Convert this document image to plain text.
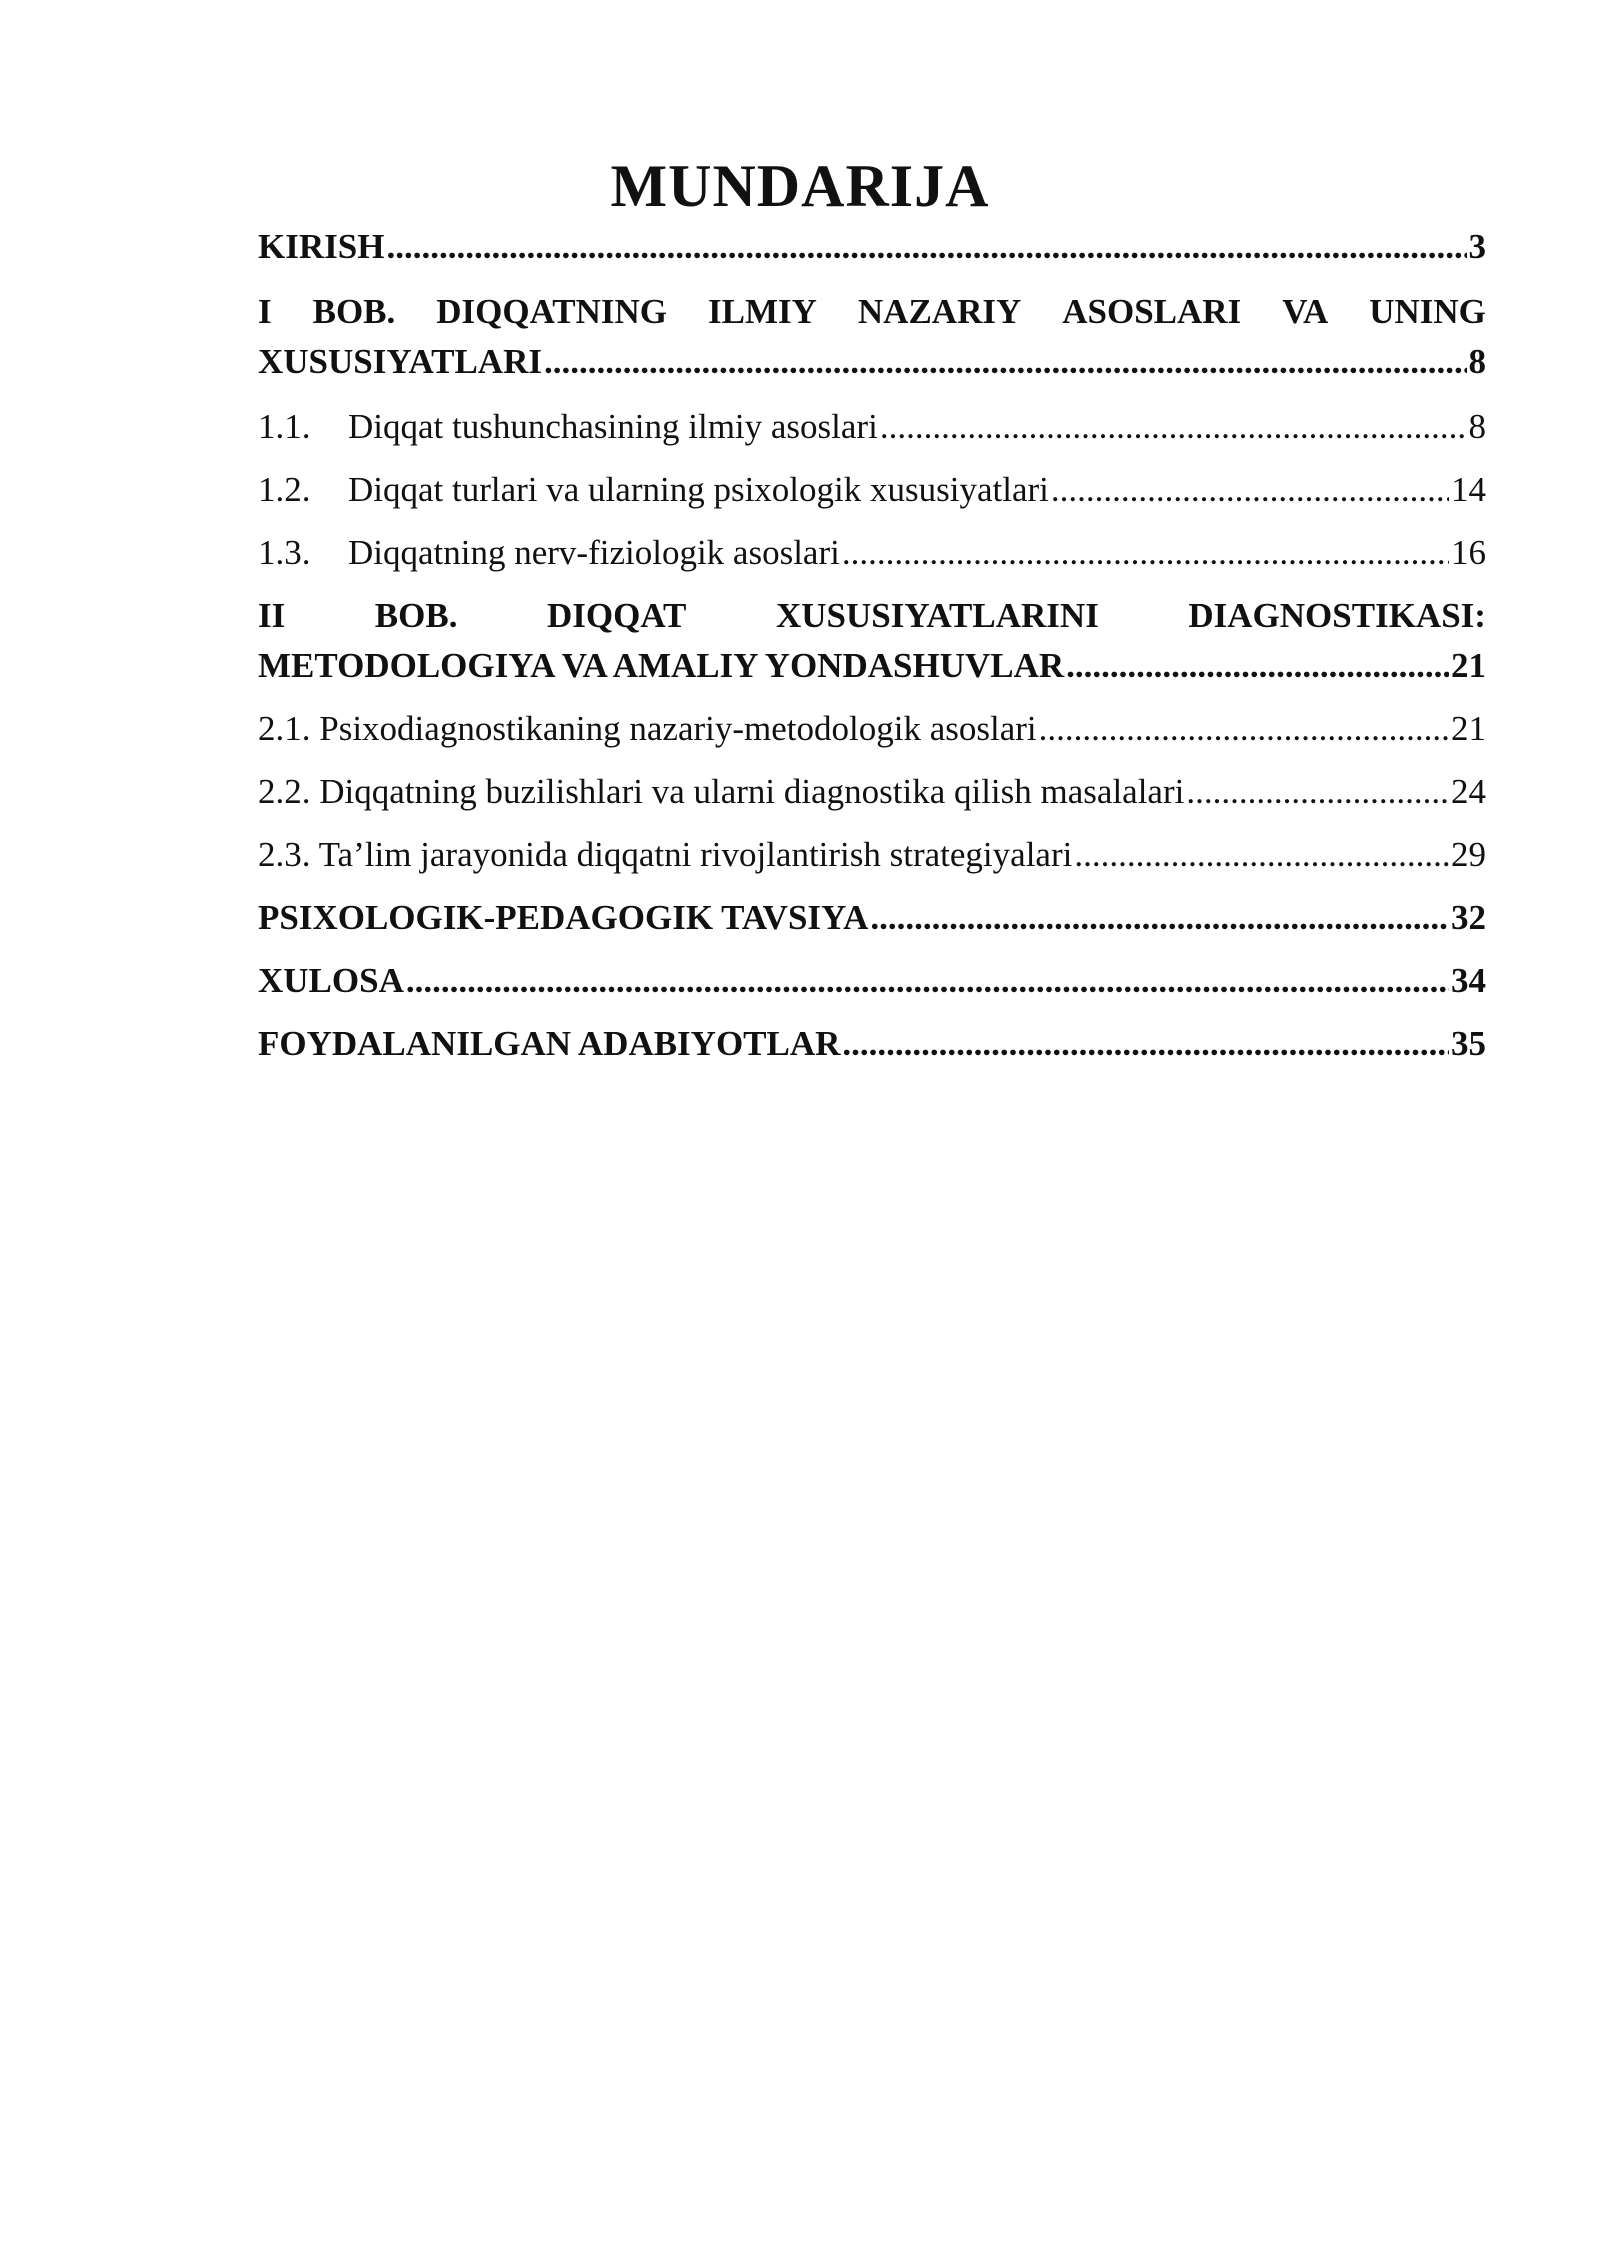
MUNDARIJA
KIRISH .....	3
I BOB. DIQQATNING ILMIY NAZARIY ASOSLARI VA UNING
XUSUSIYATLARI .....	8
1.1. Diqqat tushunchasining ilmiy asoslari .....	8
1.2. Diqqat turlari va ularning psixologik xususiyatlari .....	14
1.3. Diqqatning nerv-fiziologik asoslari .....	16
II	BOB.	DIQQAT	XUSUSIYATLARINI	DIAGNOSTIKASI:
METODOLOGIYA VA AMALIY YONDASHUVLAR .....	21
2.1. Psixodiagnostikaning nazariy-metodologik asoslari .....	21
2.2. Diqqatning buzilishlari va ularni diagnostika qilish masalalari .....	24
2.3. Ta’lim jarayonida diqqatni rivojlantirish strategiyalari .....	29
PSIXOLOGIK-PEDAGOGIK TAVSIYA .....	32
XULOSA .....	34
FOYDALANILGAN ADABIYOTLAR .....	35
